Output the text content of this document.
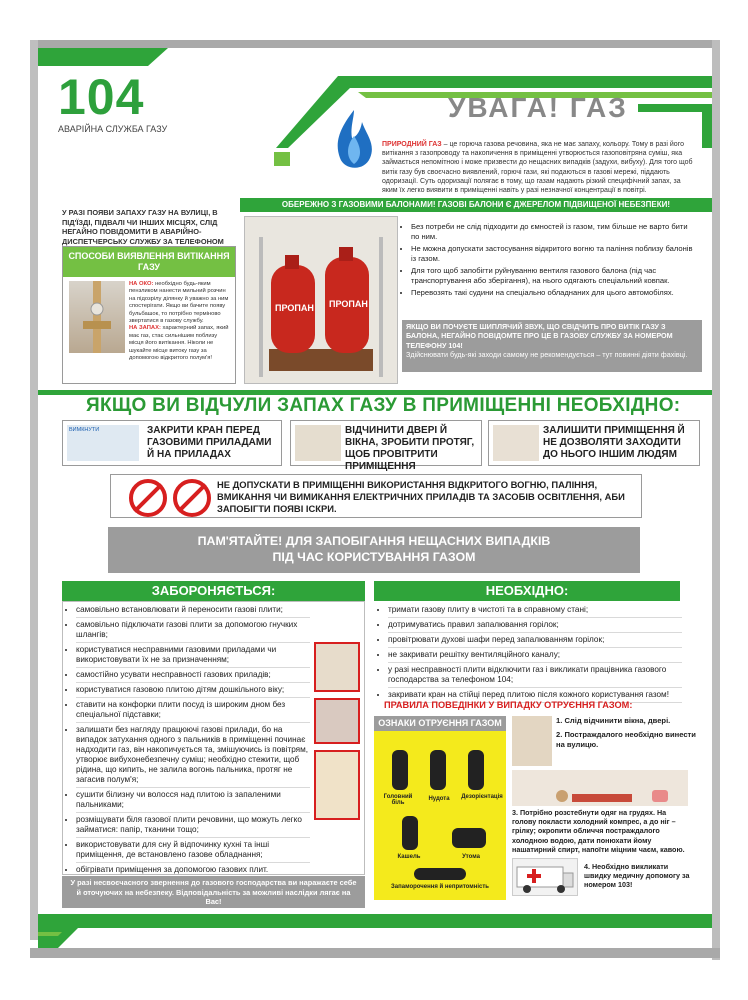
104
АВАРІЙНА СЛУЖБА ГАЗУ
УВАГА! ГАЗ
ПРИРОДНИЙ ГАЗ – це горюча газова речовина, яка не має запаху, кольору. Тому в разі його витікання з газопроводу та накопичення в приміщенні утворюється газоповітряна суміш, яка займається непомітною і може призвести до нещасних випадків (задухи, вибуху). Для того щоб витік газу був своєчасно виявлений, горючі гази, які подаються в газові мережі, піддають одоризації. Суть одоризації полягає в тому, що газам надають різкий специфічний запах, за яким їх легко виявити в приміщенні навіть у разі незначної концентрації в повітрі.
У РАЗІ ПОЯВИ ЗАПАХУ ГАЗУ НА ВУЛИЦІ, В ПІД'ЇЗДІ, ПІДВАЛІ ЧИ ІНШИХ МІСЦЯХ, СЛІД НЕГАЙНО ПОВІДОМИТИ В АВАРІЙНО-ДИСПЕТЧЕРСЬКУ СЛУЖБУ ЗА ТЕЛЕФОНОМ
СПОСОБИ ВИЯВЛЕННЯ ВИТІКАННЯ ГАЗУ
НА ОКО: необхідно будь-яким пензликом нанести мильний розчин на підозрілу ділянку й уважно за ним спостерігати. Якщо ви бачите появу бульбашок, то потрібно терміново звертатися в газову службу.
НА ЗАПАХ: характерний запах, який має газ, стає сильнішим поблизу місця його витікання. Ніколи не шукайте місце витоку газу за допомогою відкритого полум'я!
ОБЕРЕЖНО З ГАЗОВИМИ БАЛОНАМИ! ГАЗОВІ БАЛОНИ Є ДЖЕРЕЛОМ ПІДВИЩЕНОЇ НЕБЕЗПЕКИ!
ПРОПАН ПРОПАН
• Без потреби не слід підходити до ємностей із газом, тим більше не варто бити по ним.
• Не можна допускати застосування відкритого вогню та паління поблизу балонів із газом.
• Для того щоб запобігти руйнуванню вентиля газового балона (під час транспортування або зберігання), на нього одягають спеціальний ковпак.
• Перевозять такі судини на спеціально обладнаних для цього автомобілях.
ЯКЩО ВИ ПОЧУЄТЕ ШИПЛЯЧИЙ ЗВУК, ЩО СВІДЧИТЬ ПРО ВИТІК ГАЗУ З БАЛОНА, НЕГАЙНО ПОВІДОМТЕ ПРО ЦЕ В ГАЗОВУ СЛУЖБУ ЗА НОМЕРОМ ТЕЛЕФОНУ 104!
Здійснювати будь-які заходи самому не рекомендується – тут повинні діяти фахівці.
ЯКЩО ВИ ВІДЧУЛИ ЗАПАХ ГАЗУ В ПРИМІЩЕННІ НЕОБХІДНО:
ВИМКНУТИ	ЗАКРИТИ КРАН ПЕРЕД ГАЗОВИМИ ПРИЛАДАМИ Й НА ПРИЛАДАХ
ВІДЧИНИТИ ДВЕРІ Й ВІКНА, ЗРОБИТИ ПРОТЯГ, ЩОБ ПРОВІТРИТИ ПРИМІЩЕННЯ
ЗАЛИШИТИ ПРИМІЩЕННЯ Й НЕ ДОЗВОЛЯТИ ЗАХОДИТИ ДО НЬОГО ІНШИМ ЛЮДЯМ
НЕ ДОПУСКАТИ В ПРИМІЩЕННІ ВИКОРИСТАННЯ ВІДКРИТОГО ВОГНЮ, ПАЛІННЯ, ВМИКАННЯ ЧИ ВИМИКАННЯ ЕЛЕКТРИЧНИХ ПРИЛАДІВ ТА ЗАСОБІВ ОСВІТЛЕННЯ, АБИ ЗАПОБІГТИ ПОЯВІ ІСКРИ.
ПАМ'ЯТАЙТЕ! ДЛЯ ЗАПОБІГАННЯ НЕЩАСНИХ ВИПАДКІВ
ПІД ЧАС КОРИСТУВАННЯ ГАЗОМ
ЗАБОРОНЯЄТЬСЯ:
• самовільно встановлювати й переносити газові плити;
• самовільно підключати газові плити за допомогою гнучких шлангів;
• користуватися несправними газовими приладами чи використовувати їх не за призначенням;
• самостійно усувати несправності газових приладів;
• користуватися газовою плитою дітям дошкільного віку;
• ставити на конфорки плити посуд із широким дном без спеціальної підставки;
• залишати без нагляду працюючі газові прилади, бо на випадок затухання одного з пальників в приміщенні починає надходити газ, він накопичується та, змішуючись із повітрям, утворює вибухонебезпечну суміш; необхідно стежити, щоб рідина, що кипить, не залила вогонь пальника, протяг не загасив полум'я;
• сушити білизну чи волосся над плитою із запаленими пальниками;
• розміщувати біля газової плити речовини, що можуть легко займатися: папір, тканини тощо;
• використовувати для сну й відпочинку кухні та інші приміщення, де встановлено газове обладнання;
• обігрівати приміщення за допомогою газових плит.
У разі несвоєчасного звернення до газового господарства ви наражаєте себе й оточуючих на небезпеку. Відповідальність за можливі наслідки лягає на Вас!
НЕОБХІДНО:
• тримати газову плиту в чистоті та в справному стані;
• дотримуватись правил запалювання горілок;
• провітрювати духові шафи перед запалюванням горілок;
• не закривати решітку вентиляційного каналу;
• у разі несправності плити відключити газ і викликати працівника газового господарства за телефоном 104;
• закривати кран на стійці перед плитою після кожного користування газом!
ПРАВИЛА ПОВЕДІНКИ У ВИПАДКУ ОТРУЄННЯ ГАЗОМ:
ОЗНАКИ ОТРУЄННЯ ГАЗОМ
Головний біль
Нудота	Дезорієнтація
Кашель	Утома
Запаморочення й непритомність
1. Слід відчинити вікна, двері.
2. Постраждалого необхідно винести на вулицю.
3. Потрібно розстебнути одяг на грудях. На голову покласти холодний компрес, а до ніг – грілку; окропити обличчя постраждалого холодною водою, дати понюхати йому нашатирний спирт, напоїти міцним чаєм, кавою.
4. Необхідно викликати швидку медичну допомогу за номером 103!
